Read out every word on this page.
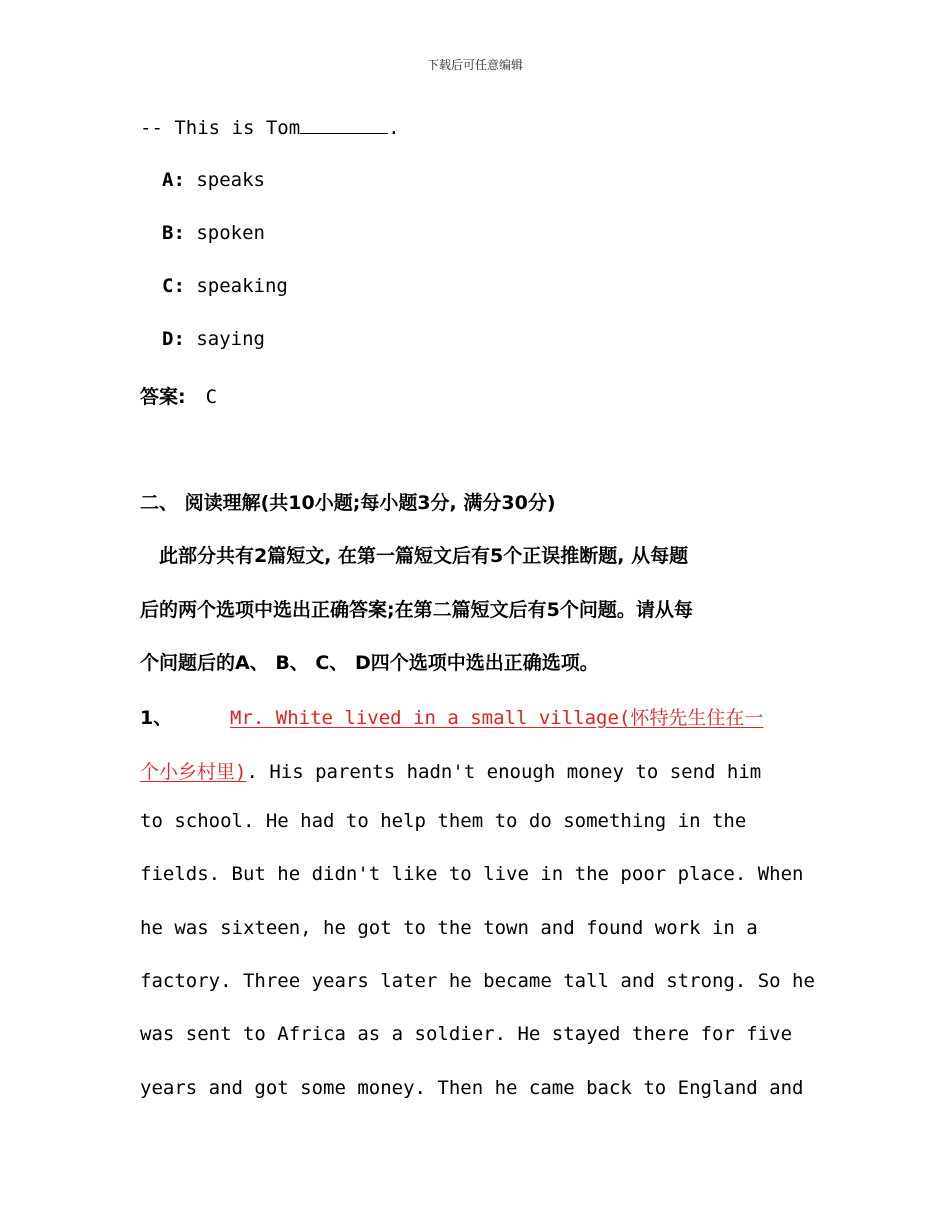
下载后可任意编辑
-- This is Tom	.
A: speaks
B: spoken
C: speaking
D: saying
答案: C
二、 阅读理解(共10小题;每小题3分, 满分30分)
　此部分共有2篇短文, 在第一篇短文后有5个正误推断题, 从每题
后的两个选项中选出正确答案;在第二篇短文后有5个问题。请从每
个问题后的A、 B、 C、 D四个选项中选出正确选项。
1、	Mr. White lived in a small village(怀特先生住在一
个小乡村里). His parents hadn't enough money to send him
to school. He had to help them to do something in the
fields. But he didn't like to live in the poor place. When
he was sixteen, he got to the town and found work in a
factory. Three years later he became tall and strong. So he
was sent to Africa as a soldier. He stayed there for five
years and got some money. Then he came back to England and
